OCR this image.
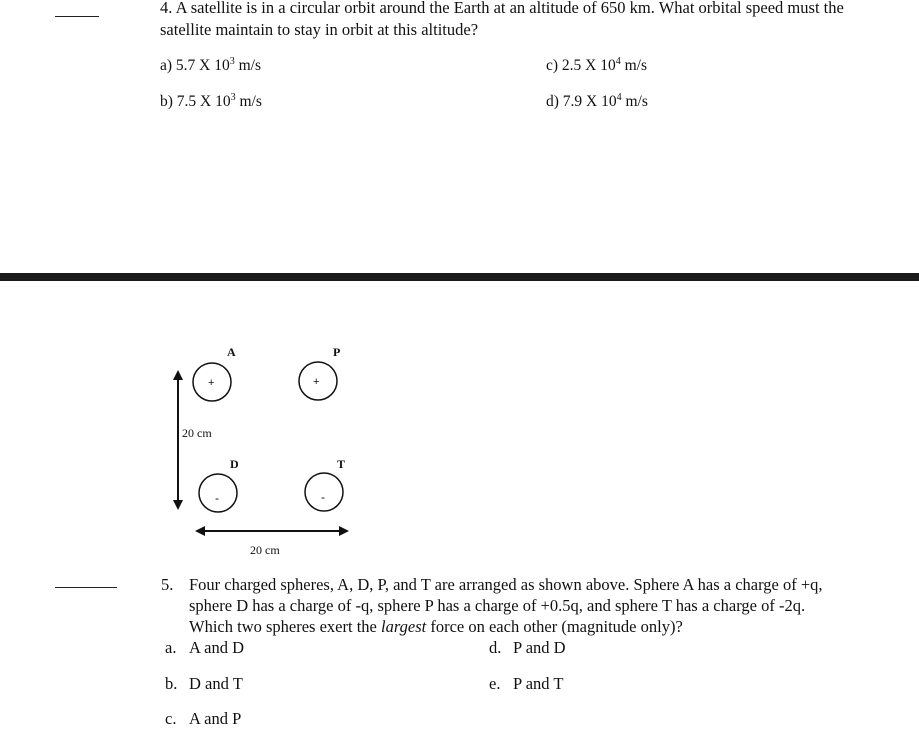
4. A satellite is in a circular orbit around the Earth at an altitude of 650 km. What orbital speed must the
satellite maintain to stay in orbit at this altitude?
a) 5.7 X $10^3$ m/s
b) 7.5 X $10^3$ m/s
c) 2.5 X $10^4$ m/s
d) 7.9 X $10^4$ m/s
20 cm
20 cm
A
+
P
+
D
-
T
-
5. Four charged spheres, A, D, P, and T are arranged as shown above. Sphere A has a charge of +q,
sphere D has a charge of -q, sphere P has a charge of +0.5q, and sphere T has a charge of -2q.
Which two spheres exert the largest force on each other (magnitude only)?
a. A and D
b. D and T
c. A and P
d. P and D
e. P and T
